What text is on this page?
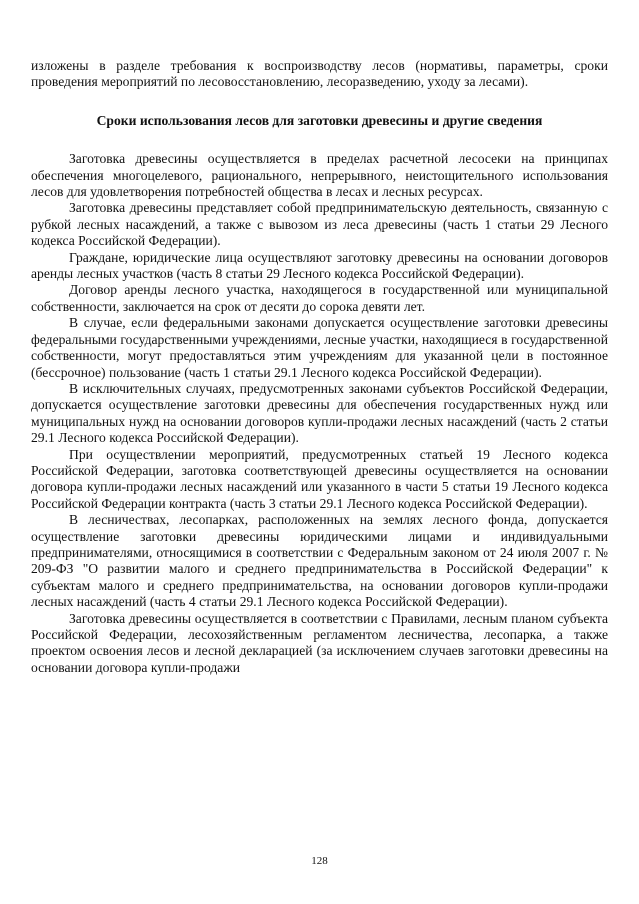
изложены в разделе требования к воспроизводству лесов (нормативы, параметры, сроки проведения мероприятий по лесовосстановлению, лесоразведению, уходу за лесами).

Сроки использования лесов для заготовки древесины и другие сведения

Заготовка древесины осуществляется в пределах расчетной лесосеки на принципах обеспечения многоцелевого, рационального, непрерывного, неистощительного использования лесов для удовлетворения потребностей общества в лесах и лесных ресурсах.

Заготовка древесины представляет собой предпринимательскую деятельность, связанную с рубкой лесных насаждений, а также с вывозом из леса древесины (часть 1 статьи 29 Лесного кодекса Российской Федерации).

Граждане, юридические лица осуществляют заготовку древесины на основании договоров аренды лесных участков (часть 8 статьи 29 Лесного кодекса Российской Федерации).

Договор аренды лесного участка, находящегося в государственной или муниципальной собственности, заключается на срок от десяти до сорока девяти лет.

В случае, если федеральными законами допускается осуществление заготовки древесины федеральными государственными учреждениями, лесные участки, находящиеся в государственной собственности, могут предоставляться этим учреждениям для указанной цели в постоянное (бессрочное) пользование (часть 1 статьи 29.1 Лесного кодекса Российской Федерации).

В исключительных случаях, предусмотренных законами субъектов Российской Федерации, допускается осуществление заготовки древесины для обеспечения государственных нужд или муниципальных нужд на основании договоров купли-продажи лесных насаждений (часть 2 статьи 29.1 Лесного кодекса Российской Федерации).

При осуществлении мероприятий, предусмотренных статьей 19 Лесного кодекса Российской Федерации, заготовка соответствующей древесины осуществляется на основании договора купли-продажи лесных насаждений или указанного в части 5 статьи 19 Лесного кодекса Российской Федерации контракта (часть 3 статьи 29.1 Лесного кодекса Российской Федерации).

В лесничествах, лесопарках, расположенных на землях лесного фонда, допускается осуществление заготовки древесины юридическими лицами и индивидуальными предпринимателями, относящимися в соответствии с Федеральным законом от 24 июля 2007 г. № 209-ФЗ "О развитии малого и среднего предпринимательства в Российской Федерации" к субъектам малого и среднего предпринимательства, на основании договоров купли-продажи лесных насаждений (часть 4 статьи 29.1 Лесного кодекса Российской Федерации).

Заготовка древесины осуществляется в соответствии с Правилами, лесным планом субъекта Российской Федерации, лесохозяйственным регламентом лесничества, лесопарка, а также проектом освоения лесов и лесной декларацией (за исключением случаев заготовки древесины на основании договора купли-продажи

128
